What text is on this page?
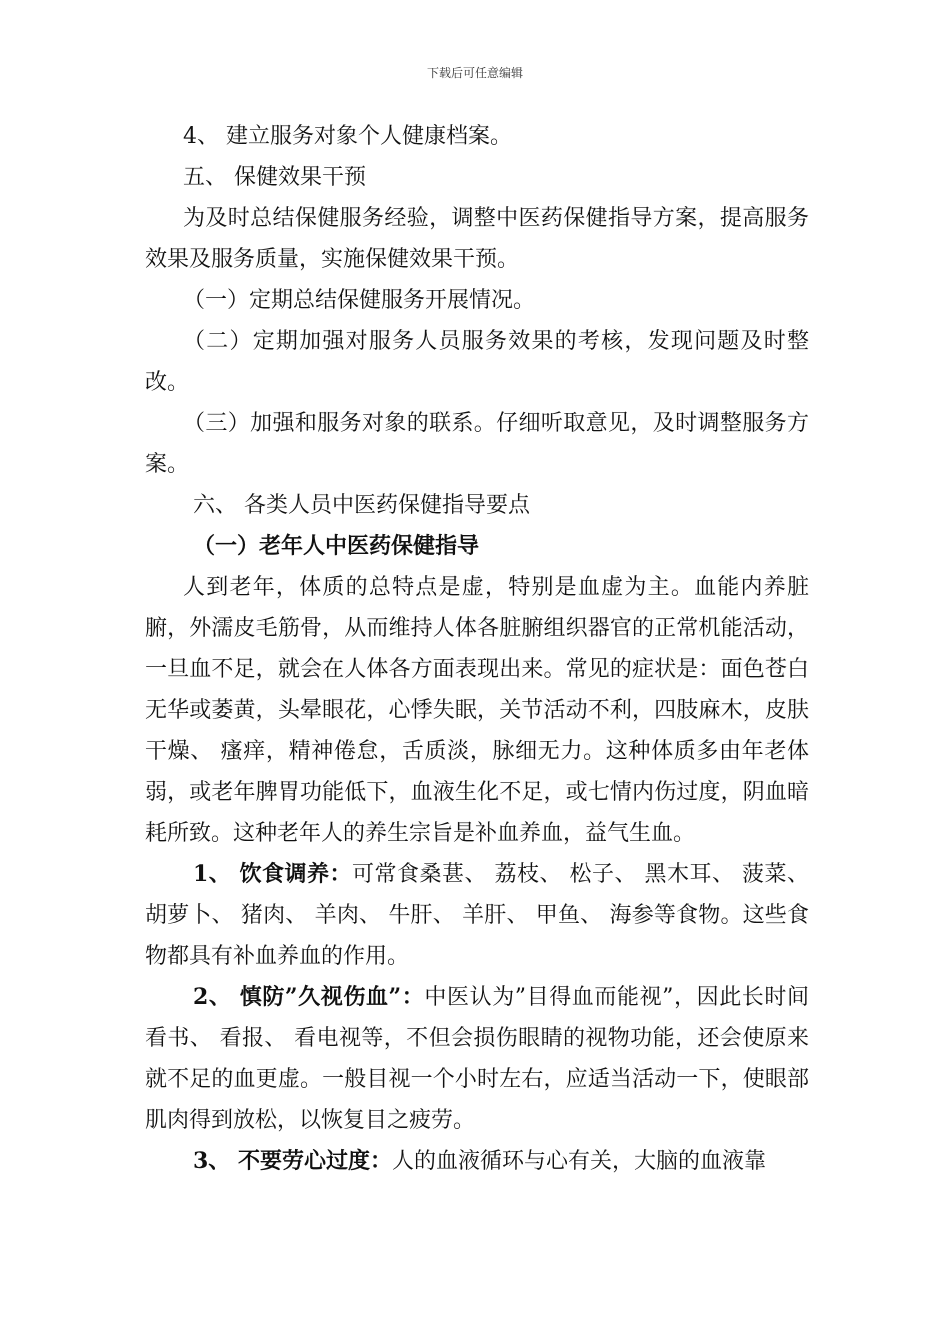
下载后可任意编辑

4、 建立服务对象个人健康档案。

五、 保健效果干预

为及时总结保健服务经验，调整中医药保健指导方案，提高服务效果及服务质量，实施保健效果干预。

（一）定期总结保健服务开展情况。

（二）定期加强对服务人员服务效果的考核，发现问题及时整改。

（三）加强和服务对象的联系。仔细听取意见，及时调整服务方案。

六、 各类人员中医药保健指导要点

（一）老年人中医药保健指导

人到老年，体质的总特点是虚，特别是血虚为主。血能内养脏腑，外濡皮毛筋骨，从而维持人体各脏腑组织器官的正常机能活动，一旦血不足，就会在人体各方面表现出来。常见的症状是：面色苍白无华或萎黄，头晕眼花，心悸失眠，关节活动不利，四肢麻木，皮肤干燥、 瘙痒，精神倦怠，舌质淡，脉细无力。这种体质多由年老体弱，或老年脾胃功能低下，血液生化不足，或七情内伤过度，阴血暗耗所致。这种老年人的养生宗旨是补血养血，益气生血。

1、 饮食调养：可常食桑葚、 荔枝、 松子、 黑木耳、 菠菜、 胡萝卜、 猪肉、 羊肉、 牛肝、 羊肝、 甲鱼、 海参等食物。这些食物都具有补血养血的作用。

2、 慎防”久视伤血”：中医认为”目得血而能视”，因此长时间看书、 看报、 看电视等，不但会损伤眼睛的视物功能，还会使原来就不足的血更虚。一般目视一个小时左右，应适当活动一下，使眼部肌肉得到放松，以恢复目之疲劳。

3、 不要劳心过度：人的血液循环与心有关，大脑的血液靠
